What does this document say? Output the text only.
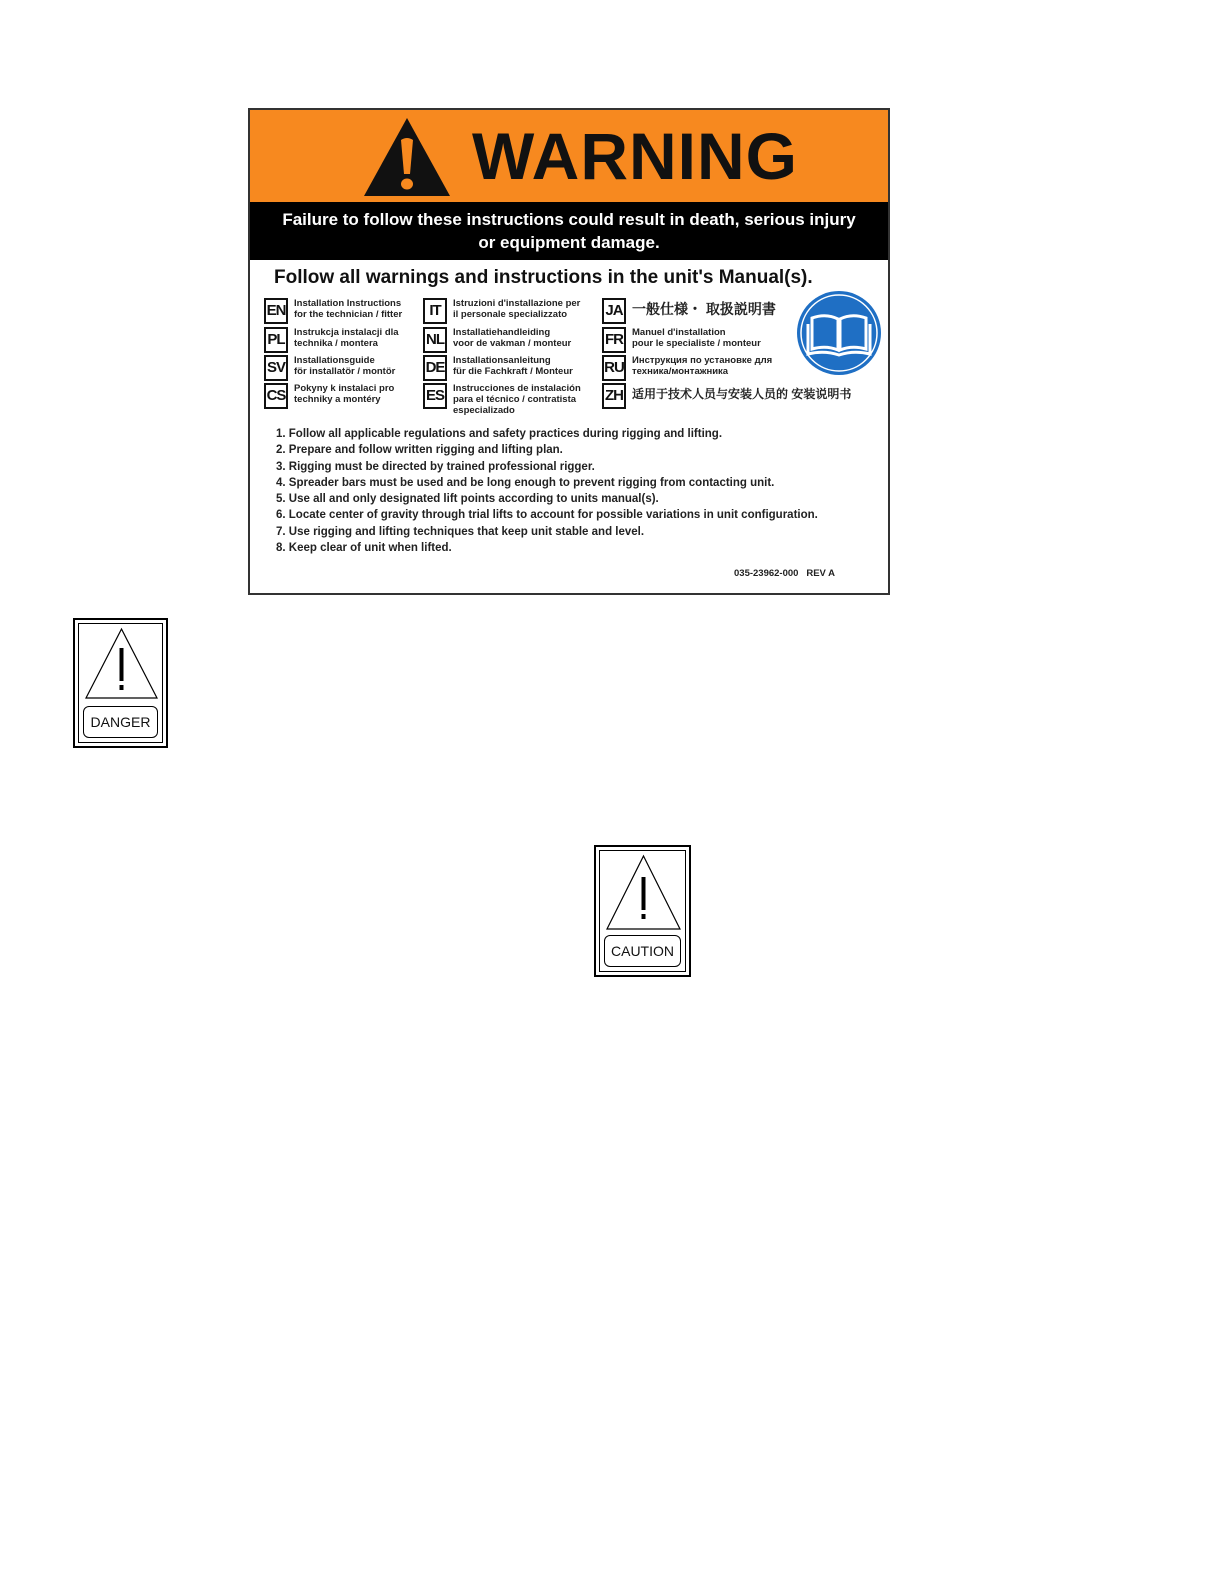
WARNING
Failure to follow these instructions could result in death, serious injury
or equipment damage.
Follow all warnings and instructions in the unit's Manual(s).
EN Installation Instructions
for the technician / fitter
PL Instrukcja instalacji dla
technika / montera
SV Installationsguide
för installatör / montör
CS Pokyny k instalaci pro
techniky a montéry
IT	Istruzioni d'installazione per
il personale specializzato
NL Installatiehandleiding
voor de vakman / monteur
DE Installationsanleitung
für die Fachkraft / Monteur
ES Instrucciones de instalación
para el técnico / contratista
especializado
JA 一般仕様・ 取扱説明書
FR Manuel d'installation
pour le specialiste / monteur
RU Инструкция по установке для
техника/монтажника
ZH 适用于技术人员与安装人员的 安装说明书
1. Follow all applicable regulations and safety practices during rigging and lifting.
2. Prepare and follow written rigging and lifting plan.
3. Rigging must be directed by trained professional rigger.
4. Spreader bars must be used and be long enough to prevent rigging from contacting unit.
5. Use all and only designated lift points according to units manual(s).
6. Locate center of gravity through trial lifts to account for possible variations in unit configuration.
7. Use rigging and lifting techniques that keep unit stable and level.
8. Keep clear of unit when lifted.
035-23962-000   REV A
DANGER
CAUTION
